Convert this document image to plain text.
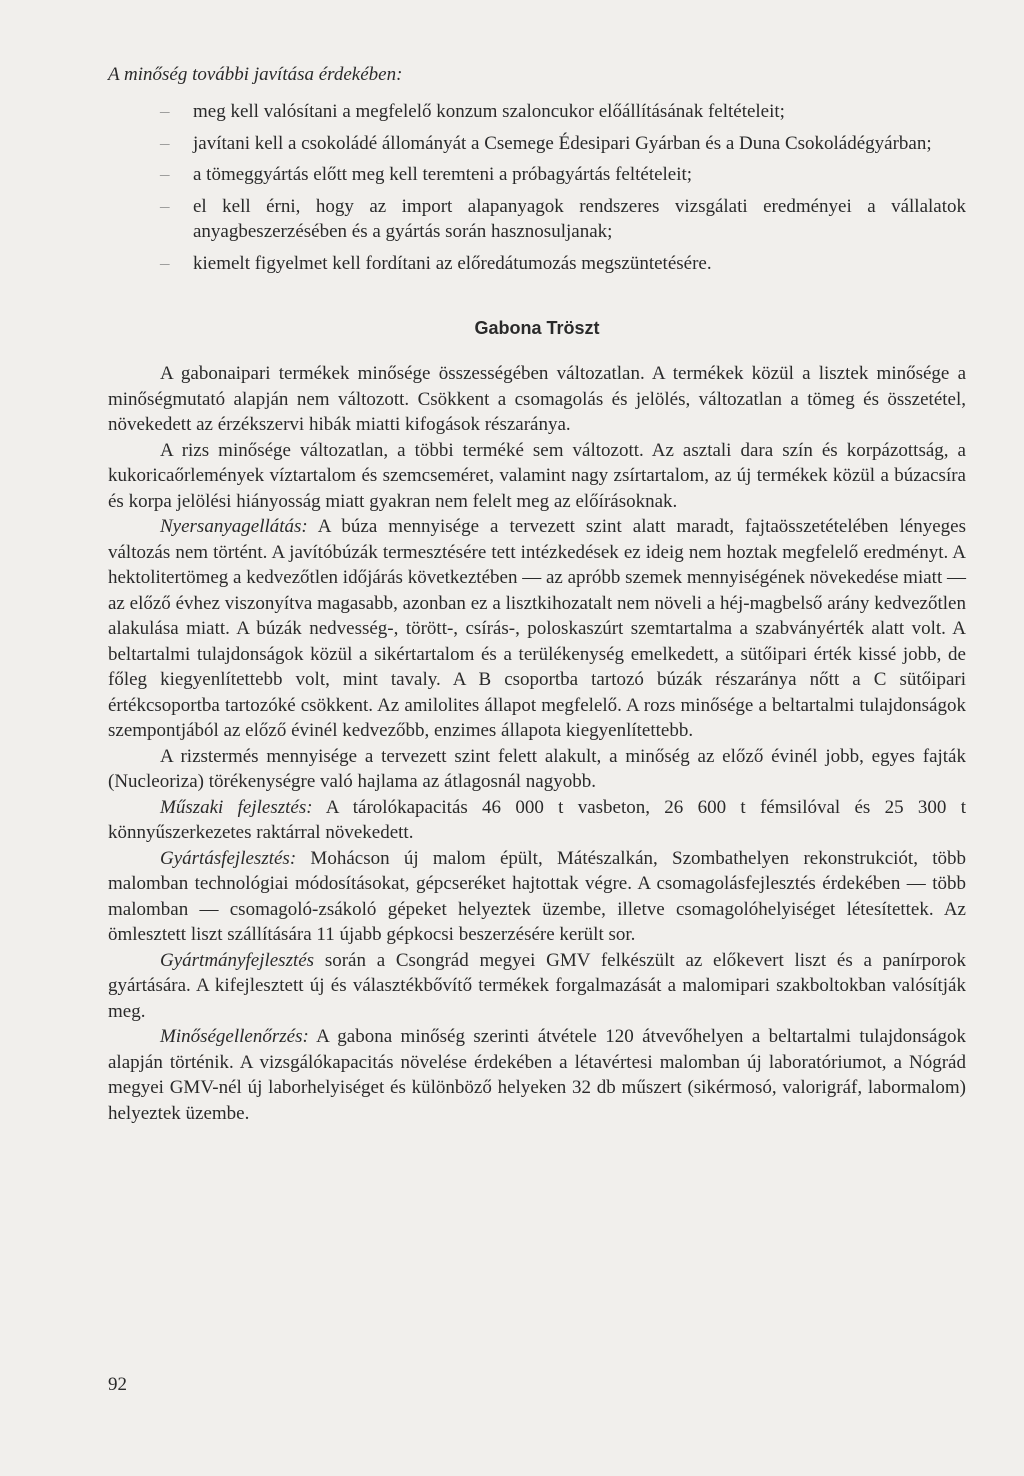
A minőség további javítása érdekében:

– meg kell valósítani a megfelelő konzum szaloncukor előállításának feltételeit;
– javítani kell a csokoládé állományát a Csemege Édesipari Gyárban és a Duna Csokoládégyárban;
– a tömeggyártás előtt meg kell teremteni a próbagyártás feltételeit;
– el kell érni, hogy az import alapanyagok rendszeres vizsgálati eredményei a vállalatok anyagbeszerzésében és a gyártás során hasznosuljanak;
– kiemelt figyelmet kell fordítani az előredátumozás megszüntetésére.
Gabona Tröszt

A gabonaipari termékek minősége összességében változatlan. A termékek közül a lisztek minősége a minőségmutató alapján nem változott. Csökkent a csomagolás és jelölés, változatlan a tömeg és összetétel, növekedett az érzékszervi hibák miatti kifogások részaránya.

A rizs minősége változatlan, a többi terméké sem változott. Az asztali dara szín és korpázottság, a kukoricaőrlemények víztartalom és szemcseméret, valamint nagy zsírtartalom, az új termékek közül a búzacsíra és korpa jelölési hiányosság miatt gyakran nem felelt meg az előírásoknak.

Nyersanyagellátás: A búza mennyisége a tervezett szint alatt maradt, fajtaösszetételében lényeges változás nem történt. A javítóbúzák termesztésére tett intézkedések ez ideig nem hoztak megfelelő eredményt. A hektolitertömeg a kedvezőtlen időjárás következtében — az apróbb szemek mennyiségének növekedése miatt — az előző évhez viszonyítva magasabb, azonban ez a lisztkihozatalt nem növeli a héj-magbelső arány kedvezőtlen alakulása miatt. A búzák nedvesség-, törött-, csírás-, poloskaszúrt szemtartalma a szabványérték alatt volt. A beltartalmi tulajdonságok közül a sikértartalom és a terülékenység emelkedett, a sütőipari érték kissé jobb, de főleg kiegyenlítettebb volt, mint tavaly. A B csoportba tartozó búzák részaránya nőtt a C sütőipari értékcsoportba tartozóké csökkent. Az amilolites állapot megfelelő. A rozs minősége a beltartalmi tulajdonságok szempontjából az előző évinél kedvezőbb, enzimes állapota kiegyenlítettebb.

A rizstermés mennyisége a tervezett szint felett alakult, a minőség az előző évinél jobb, egyes fajták (Nucleoriza) törékenységre való hajlama az átlagosnál nagyobb.

Műszaki fejlesztés: A tárolókapacitás 46 000 t vasbeton, 26 600 t fémsilóval és 25 300 t könnyűszerkezetes raktárral növekedett.

Gyártásfejlesztés: Mohácson új malom épült, Mátészalkán, Szombathelyen rekonstrukciót, több malomban technológiai módosításokat, gépcseréket hajtottak végre. A csomagolásfejlesztés érdekében — több malomban — csomagoló-zsákoló gépeket helyeztek üzembe, illetve csomagolóhelyiséget létesítettek. Az ömlesztett liszt szállítására 11 újabb gépkocsi beszerzésére került sor.

Gyártmányfejlesztés során a Csongrád megyei GMV felkészült az előkevert liszt és a panírporok gyártására. A kifejlesztett új és választékbővítő termékek forgalmazását a malomipari szakboltokban valósítják meg.

Minőségellenőrzés: A gabona minőség szerinti átvétele 120 átvevőhelyen a beltartalmi tulajdonságok alapján történik. A vizsgálókapacitás növelése érdekében a létavértesi malomban új laboratóriumot, a Nógrád megyei GMV-nél új laborhelyiséget és különböző helyeken 32 db műszert (sikérmosó, valorigráf, labormalom) helyeztek üzembe.

92
